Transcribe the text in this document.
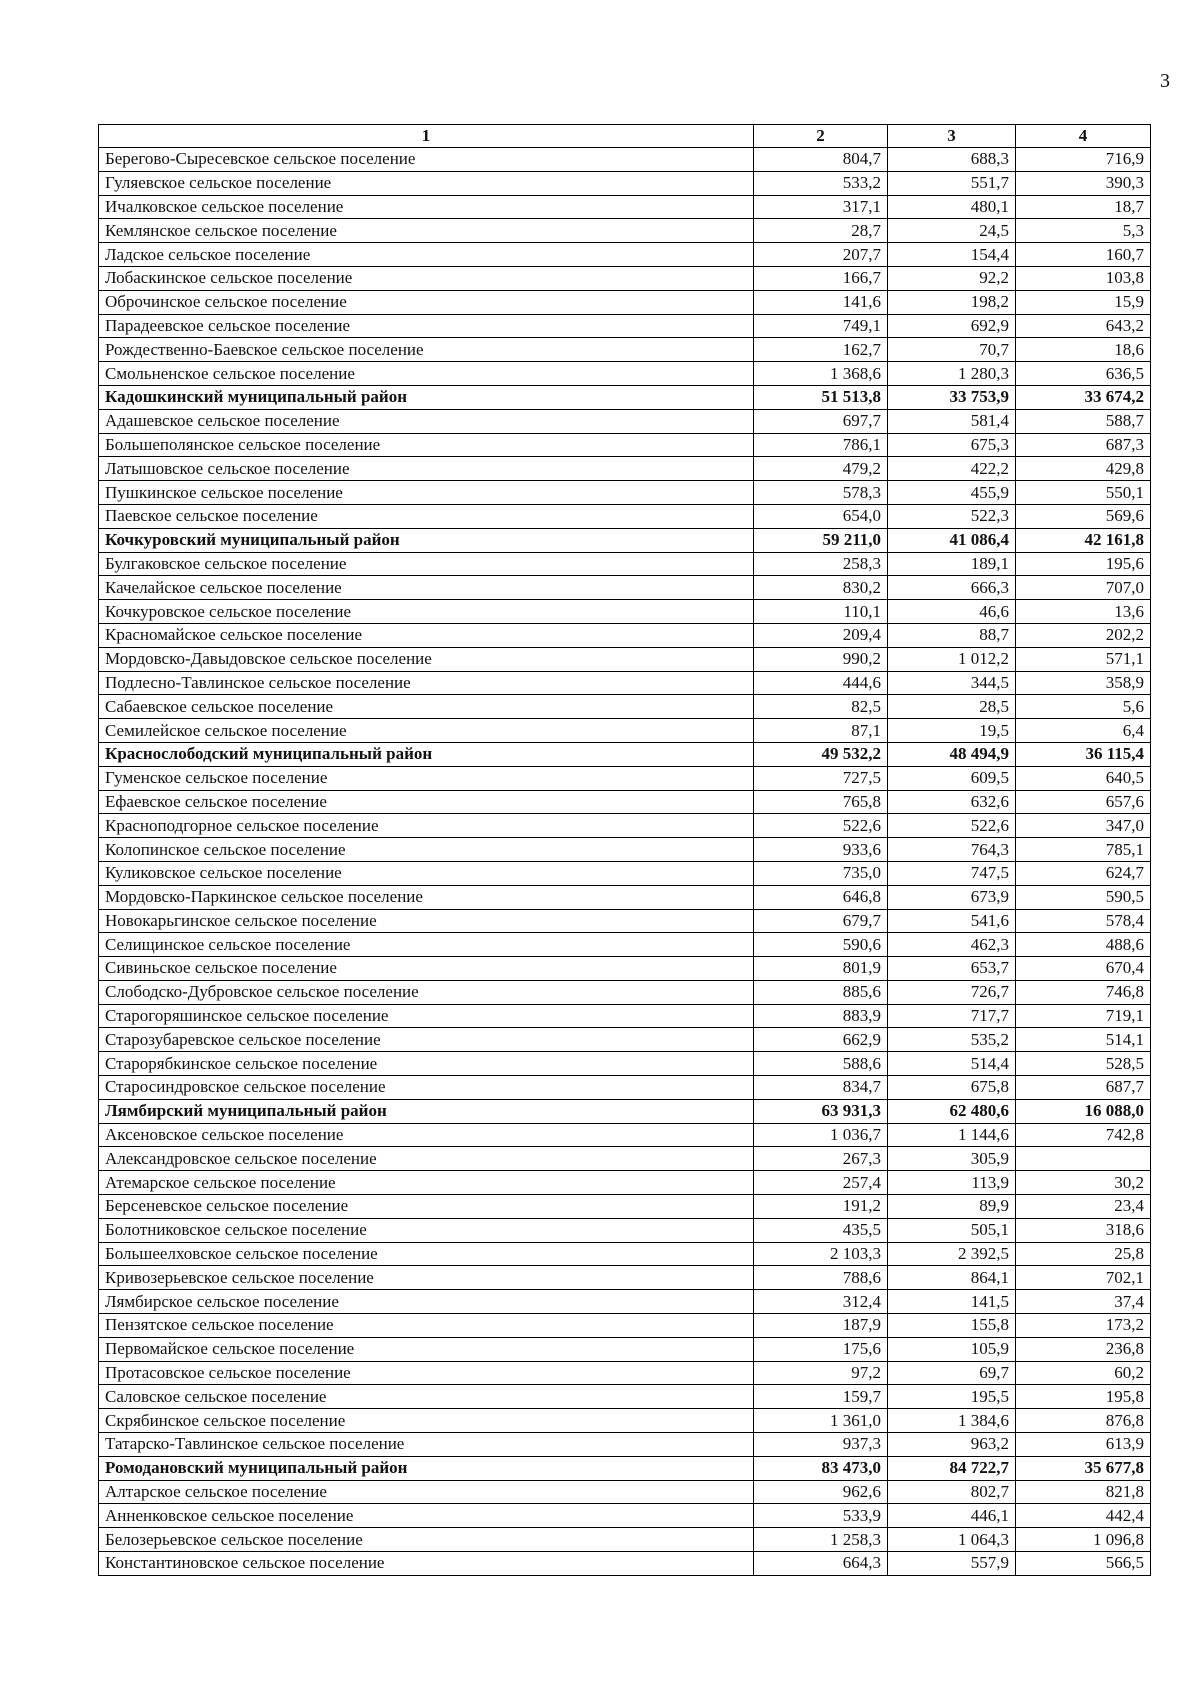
3
1	2	3	4
Берегово-Сыресевское сельское поселение	804,7	688,3	716,9
Гуляевское сельское поселение	533,2	551,7	390,3
Ичалковское сельское поселение	317,1	480,1	18,7
Кемлянское сельское поселение	28,7	24,5	5,3
Ладское сельское поселение	207,7	154,4	160,7
Лобаскинское сельское поселение	166,7	92,2	103,8
Оброчинское сельское поселение	141,6	198,2	15,9
Парадеевское сельское поселение	749,1	692,9	643,2
Рождественно-Баевское сельское поселение	162,7	70,7	18,6
Смольненское сельское поселение	1 368,6	1 280,3	636,5
Кадошкинский муниципальный район	51 513,8	33 753,9	33 674,2
Адашевское сельское поселение	697,7	581,4	588,7
Большеполянское сельское поселение	786,1	675,3	687,3
Латышовское сельское поселение	479,2	422,2	429,8
Пушкинское сельское поселение	578,3	455,9	550,1
Паевское сельское поселение	654,0	522,3	569,6
Кочкуровский муниципальный район	59 211,0	41 086,4	42 161,8
Булгаковское сельское поселение	258,3	189,1	195,6
Качелайское сельское поселение	830,2	666,3	707,0
Кочкуровское сельское поселение	110,1	46,6	13,6
Красномайское сельское поселение	209,4	88,7	202,2
Мордовско-Давыдовское сельское поселение	990,2	1 012,2	571,1
Подлесно-Тавлинское сельское поселение	444,6	344,5	358,9
Сабаевское сельское поселение	82,5	28,5	5,6
Семилейское сельское поселение	87,1	19,5	6,4
Краснослободский муниципальный район	49 532,2	48 494,9	36 115,4
Гуменское сельское поселение	727,5	609,5	640,5
Ефаевское сельское поселение	765,8	632,6	657,6
Красноподгорное сельское поселение	522,6	522,6	347,0
Колопинское сельское поселение	933,6	764,3	785,1
Куликовское сельское поселение	735,0	747,5	624,7
Мордовско-Паркинское сельское поселение	646,8	673,9	590,5
Новокарьгинское сельское поселение	679,7	541,6	578,4
Селищинское сельское поселение	590,6	462,3	488,6
Сивиньское сельское поселение	801,9	653,7	670,4
Слободско-Дубровское сельское поселение	885,6	726,7	746,8
Старогоряшинское сельское поселение	883,9	717,7	719,1
Старозубаревское сельское поселение	662,9	535,2	514,1
Старорябкинское сельское поселение	588,6	514,4	528,5
Старосиндровское сельское поселение	834,7	675,8	687,7
Лямбирский муниципальный район	63 931,3	62 480,6	16 088,0
Аксеновское сельское поселение	1 036,7	1 144,6	742,8
Александровское сельское поселение	267,3	305,9	
Атемарское сельское поселение	257,4	113,9	30,2
Берсеневское сельское поселение	191,2	89,9	23,4
Болотниковское сельское поселение	435,5	505,1	318,6
Большеелховское сельское поселение	2 103,3	2 392,5	25,8
Кривозерьевское сельское поселение	788,6	864,1	702,1
Лямбирское сельское поселение	312,4	141,5	37,4
Пензятское сельское поселение	187,9	155,8	173,2
Первомайское сельское поселение	175,6	105,9	236,8
Протасовское сельское поселение	97,2	69,7	60,2
Саловское сельское поселение	159,7	195,5	195,8
Скрябинское сельское поселение	1 361,0	1 384,6	876,8
Татарско-Тавлинское сельское поселение	937,3	963,2	613,9
Ромодановский муниципальный район	83 473,0	84 722,7	35 677,8
Алтарское сельское поселение	962,6	802,7	821,8
Анненковское сельское поселение	533,9	446,1	442,4
Белозерьевское сельское поселение	1 258,3	1 064,3	1 096,8
Константиновское сельское поселение	664,3	557,9	566,5
